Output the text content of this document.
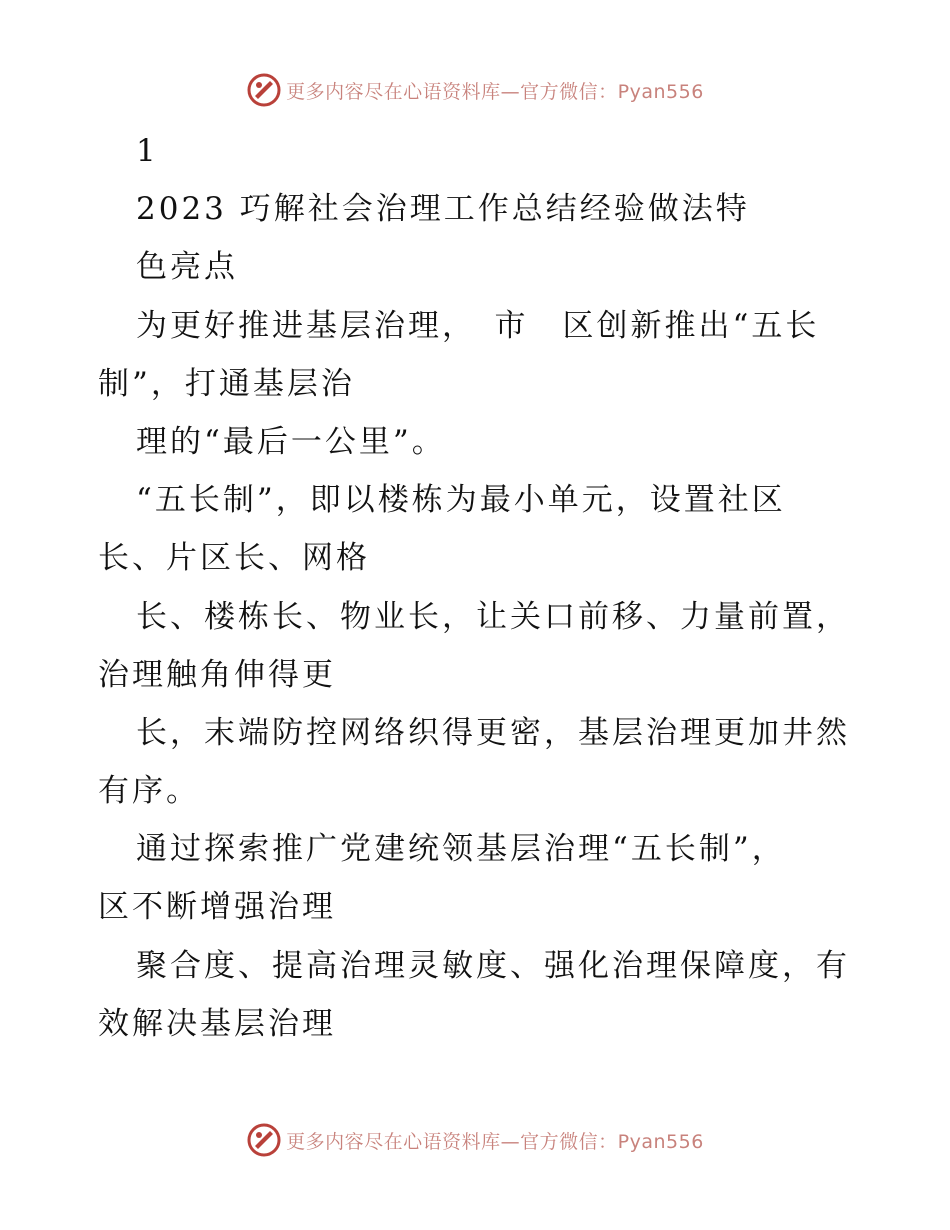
更多内容尽在心语资料库—官方微信：Pyan556
1
2023 巧解社会治理工作总结经验做法特
色亮点
为更好推进基层治理，　市　区创新推出“五长
制”，打通基层治
理的“最后一公里”。
“五长制”，即以楼栋为最小单元，设置社区
长、片区长、网格
长、楼栋长、物业长，让关口前移、力量前置，
治理触角伸得更
长，末端防控网络织得更密，基层治理更加井然
有序。
通过探索推广党建统领基层治理“五长制”，
区不断增强治理
聚合度、提高治理灵敏度、强化治理保障度，有
效解决基层治理
更多内容尽在心语资料库—官方微信：Pyan556
